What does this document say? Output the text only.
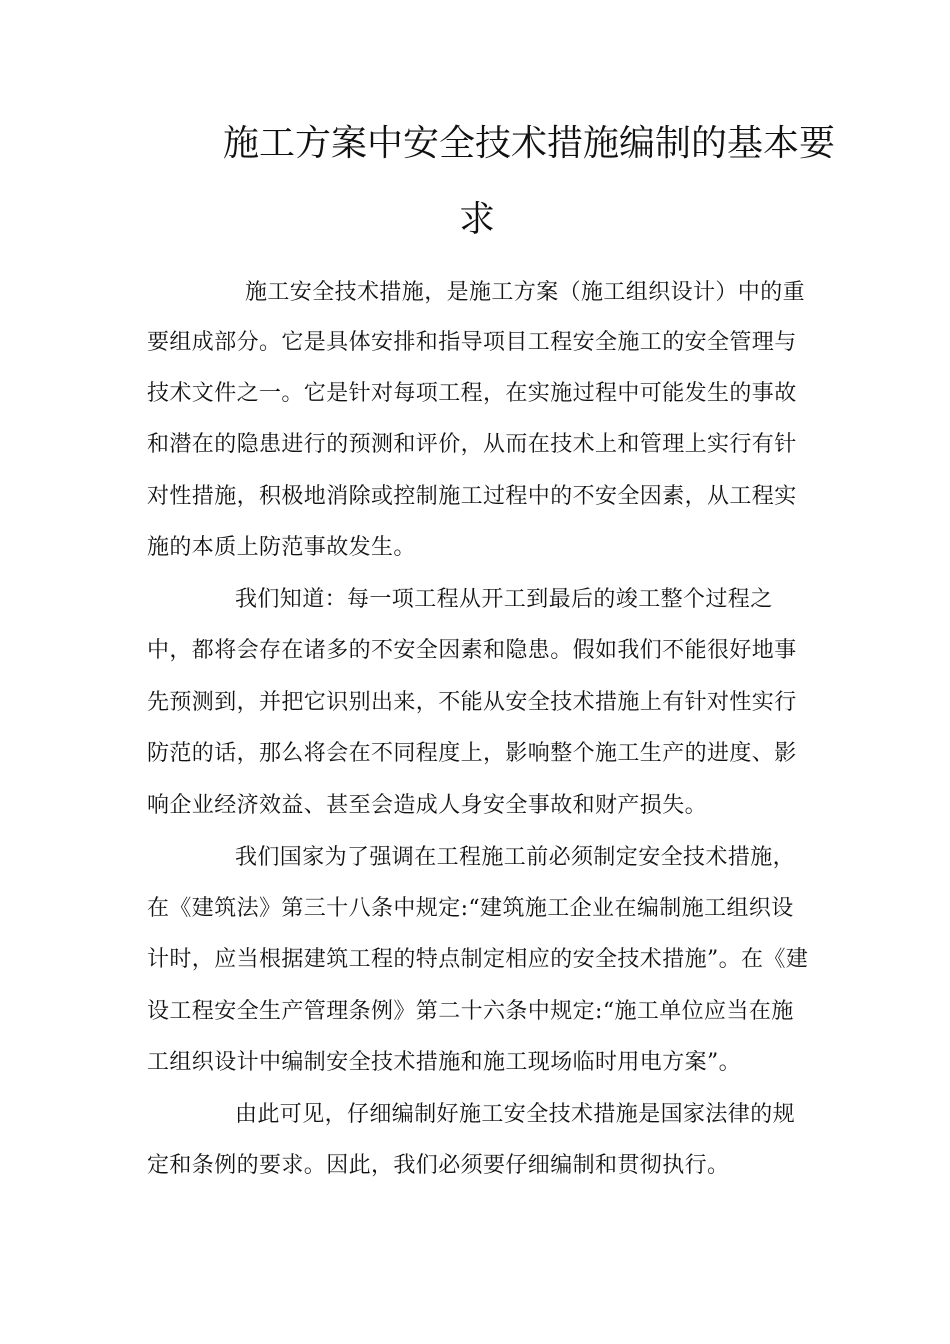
施工方案中安全技术措施编制的基本要
求
施工安全技术措施，是施工方案（施工组织设计）中的重
要组成部分。它是具体安排和指导项目工程安全施工的安全管理与
技术文件之一。它是针对每项工程，在实施过程中可能发生的事故
和潜在的隐患进行的预测和评价，从而在技术上和管理上实行有针
对性措施，积极地消除或控制施工过程中的不安全因素，从工程实
施的本质上防范事故发生。
我们知道：每一项工程从开工到最后的竣工整个过程之
中，都将会存在诸多的不安全因素和隐患。假如我们不能很好地事
先预测到，并把它识别出来，不能从安全技术措施上有针对性实行
防范的话，那么将会在不同程度上，影响整个施工生产的进度、影
响企业经济效益、甚至会造成人身安全事故和财产损失。
我们国家为了强调在工程施工前必须制定安全技术措施，
在《建筑法》第三十八条中规定:“建筑施工企业在编制施工组织设
计时，应当根据建筑工程的特点制定相应的安全技术措施”。在《建
设工程安全生产管理条例》第二十六条中规定:“施工单位应当在施
工组织设计中编制安全技术措施和施工现场临时用电方案”。
由此可见，仔细编制好施工安全技术措施是国家法律的规
定和条例的要求。因此，我们必须要仔细编制和贯彻执行。
